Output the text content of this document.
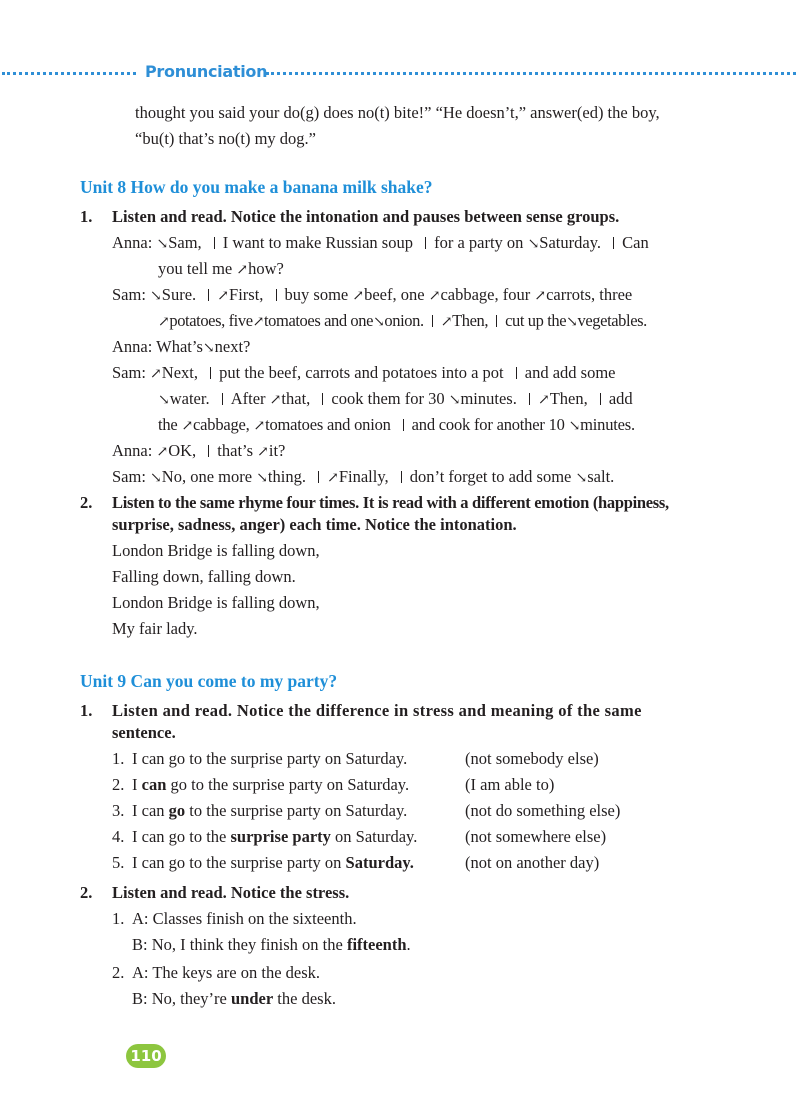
Pronunciation
thought you said your do(g) does no(t) bite!” “He doesn’t,” answer(ed) the boy,
“bu(t) that’s no(t) my dog.”
Unit 8 How do you make a banana milk shake?
1. Listen and read. Notice the intonation and pauses between sense groups.
Anna: ↘Sam, I want to make Russian soup for a party on ↘Saturday. Can
you tell me ↗how?
Sam: ↘Sure. ↗First, buy some ↗beef, one ↗cabbage, four ↗carrots, three
↗potatoes, five↗tomatoes and one↘onion. ↗Then, cut up the↘vegetables.
Anna: What’s↘next?
Sam: ↗Next, put the beef, carrots and potatoes into a pot and add some
↘water. After ↗that, cook them for 30 ↘minutes. ↗Then, add
the ↗cabbage, ↗tomatoes and onion and cook for another 10 ↘minutes.
Anna: ↗OK, that’s ↗it?
Sam: ↘No, one more ↘thing. ↗Finally, don’t forget to add some ↘salt.
2. Listen to the same rhyme four times. It is read with a different emotion (happiness,
surprise, sadness, anger) each time. Notice the intonation.
London Bridge is falling down,
Falling down, falling down.
London Bridge is falling down,
My fair lady.
Unit 9 Can you come to my party?
1. Listen and read. Notice the difference in stress and meaning of the same
sentence.
1. I can go to the surprise party on Saturday.	(not somebody else)
2. I can go to the surprise party on Saturday.	(I am able to)
3. I can go to the surprise party on Saturday.	(not do something else)
4. I can go to the surprise party on Saturday.	(not somewhere else)
5. I can go to the surprise party on Saturday.	(not on another day)
2. Listen and read. Notice the stress.
1. A: Classes finish on the sixteenth.
B: No, I think they finish on the fifteenth.
2. A: The keys are on the desk.
B: No, they’re under the desk.
110
